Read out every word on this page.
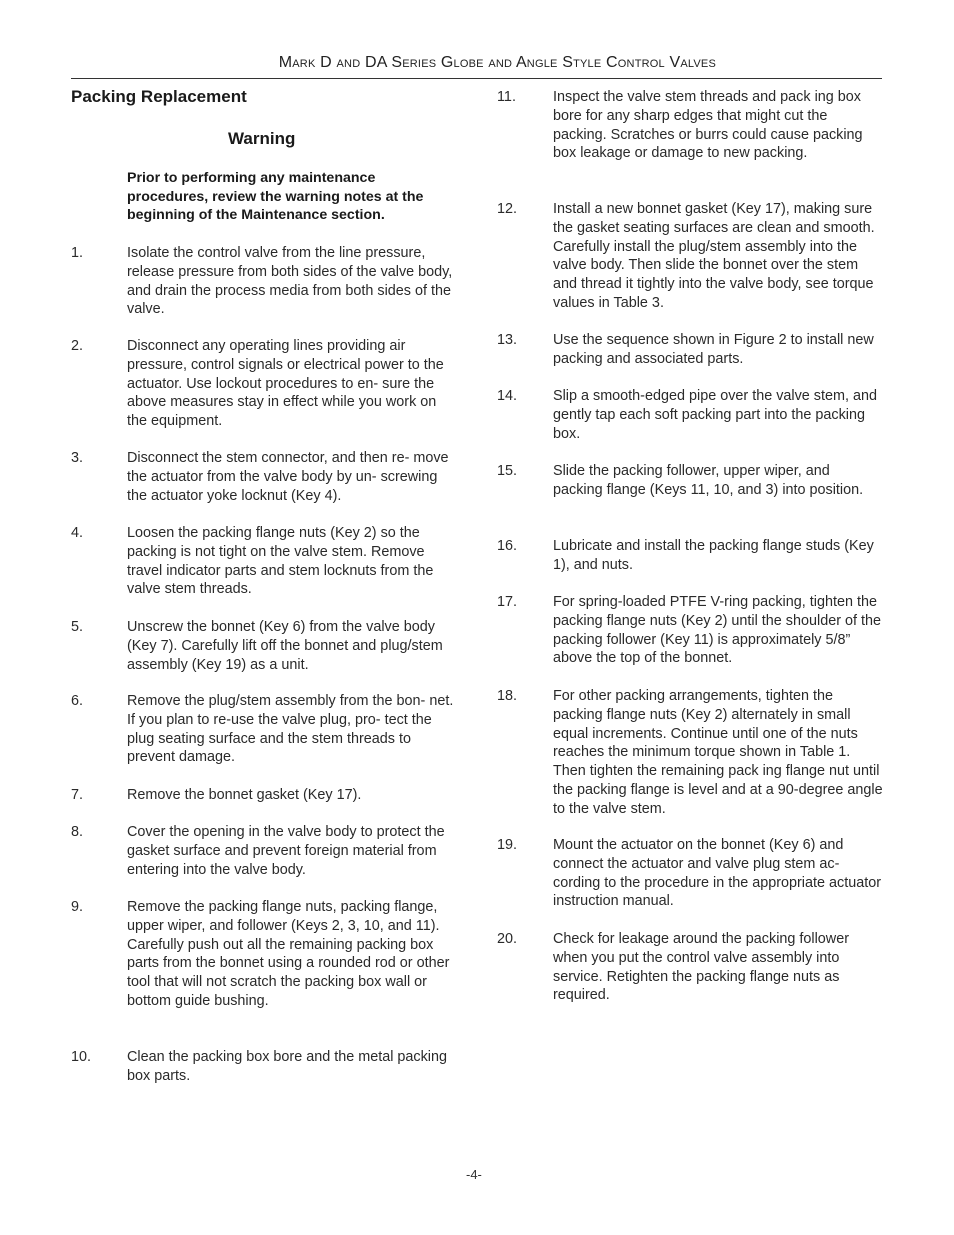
Mark D and DA Series Globe and Angle Style Control Valves
Packing Replacement
Warning
Prior to performing any maintenance procedures, review the warning notes at the beginning of the Maintenance section.
1.	Isolate the control valve from the line pressure, release pressure from both sides of the valve body, and drain the process media from both sides of the valve.
2.	Disconnect any operating lines providing air pressure, control signals or electrical power to the actuator. Use lockout procedures to en- sure the above measures stay in effect while you work on the equipment.
3.	Disconnect the stem connector, and then re- move the actuator from the valve body by un- screwing the actuator yoke locknut (Key 4).
4.	Loosen the packing flange nuts (Key 2) so the packing is not tight on the valve stem. Remove travel indicator parts and stem locknuts from the valve stem threads.
5.	Unscrew the bonnet (Key 6) from the valve body (Key 7). Carefully lift off the bonnet and plug/stem assembly (Key 19) as a unit.
6.	Remove the plug/stem assembly from the bon- net. If you plan to re-use the valve plug, pro- tect the plug seating surface and the stem threads to prevent damage.
7.	Remove the bonnet gasket (Key 17).
8.	Cover the opening in the valve body to protect the gasket surface and prevent foreign material from entering into the valve body.
9.	Remove the packing flange nuts, packing flange, upper wiper, and follower (Keys 2, 3, 10, and 11). Carefully push out all the remaining packing box parts from the bonnet using a rounded rod or other tool that will not scratch the packing box wall or bottom guide bushing.
10. Clean the packing box bore and the metal packing box parts.
11.	Inspect the valve stem threads and pack ing box bore for any sharp edges that might cut the packing. Scratches or burrs could cause packing box leakage or damage to new packing.
12. Install a new bonnet gasket (Key 17), making sure the gasket seating surfaces are clean and smooth. Carefully install the plug/stem assembly into the valve body. Then slide the bonnet over the stem and thread it tightly into the valve body, see torque values in Table 3.
13. Use the sequence shown in Figure 2 to install new packing and associated parts.
14. Slip a smooth-edged pipe over the valve stem, and gently tap each soft packing part into the packing box.
15. Slide the packing follower, upper wiper, and packing flange (Keys 11, 10, and 3) into position.
16. Lubricate and install the packing flange studs (Key 1), and nuts.
17. For spring-loaded PTFE V-ring packing, tighten the packing flange nuts (Key 2) until the shoulder of the packing follower (Key 11) is approximately 5/8” above the top of the bonnet.
18. For other packing arrangements, tighten the packing flange nuts (Key 2) alternately in small equal increments. Continue until one of the nuts reaches the minimum torque shown in Table 1. Then tighten the remaining pack ing flange nut until the packing flange is level and at a 90-degree angle to the valve stem.
19. Mount the actuator on the bonnet (Key 6) and connect the actuator and valve plug stem ac- cording to the procedure in the appropriate actuator instruction manual.
20. Check for leakage around the packing follower when you put the control valve assembly into service. Retighten the packing flange nuts as required.
-4-
